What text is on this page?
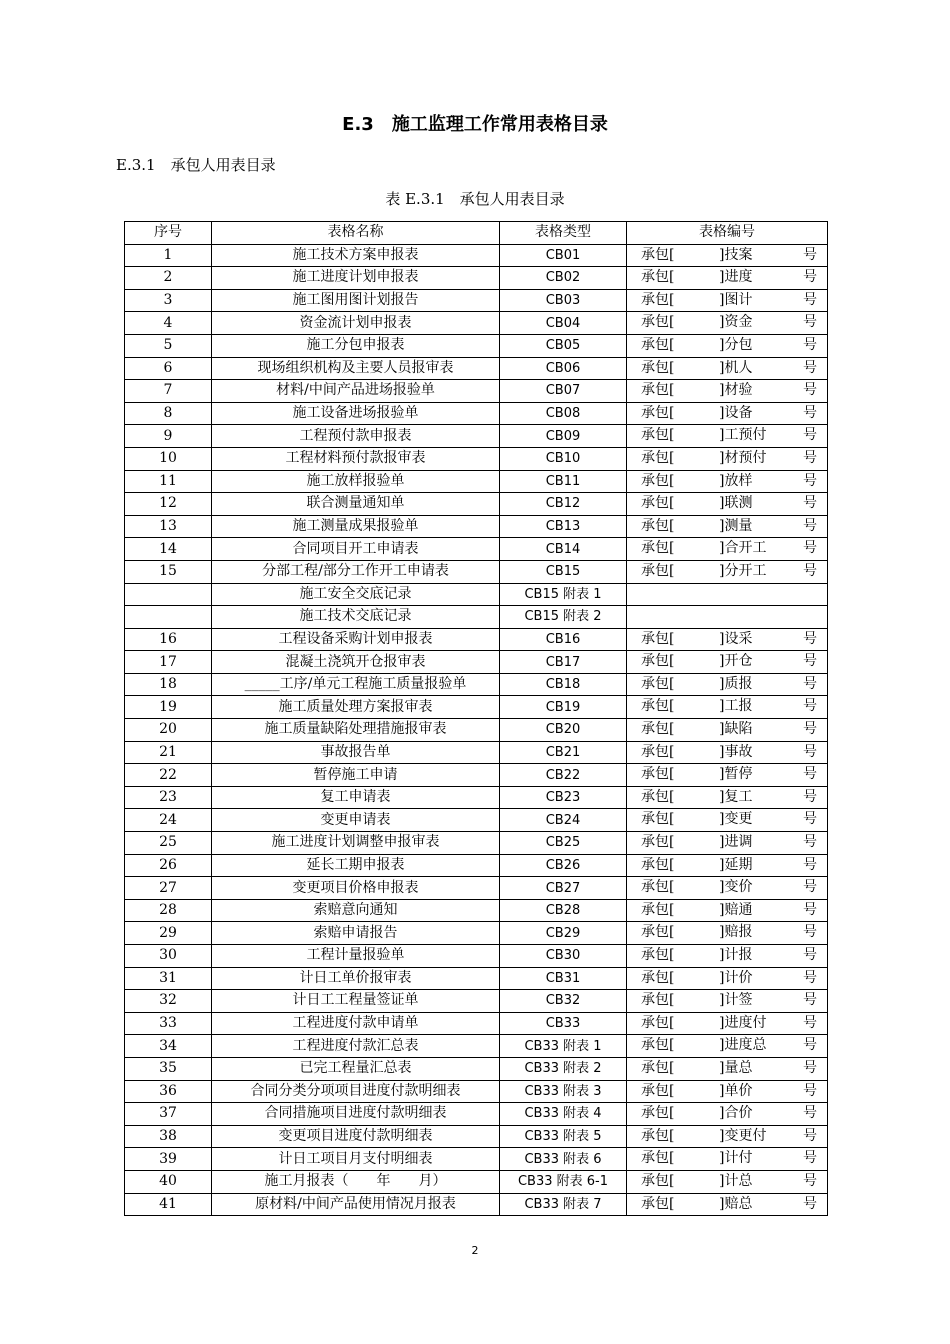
E.3　施工监理工作常用表格目录
E.3.1　承包人用表目录
表 E.3.1　承包人用表目录
序号	表格名称	表格类型	表格编号
1	施工技术方案申报表	CB01	承包[ ]技案 号

2	施工进度计划申报表	CB02	承包[ ]进度 号

3	施工图用图计划报告	CB03	承包[ ]图计 号

4	资金流计划申报表	CB04	承包[ ]资金 号

5	施工分包申报表	CB05	承包[ ]分包 号

6	现场组织机构及主要人员报审表	CB06	承包[ ]机人 号

7	材料/中间产品进场报验单	CB07	承包[ ]材验 号

8	施工设备进场报验单	CB08	承包[ ]设备 号

9	工程预付款申报表	CB09	承包[ ]工预付 号

10	工程材料预付款报审表	CB10	承包[ ]材预付 号

11	施工放样报验单	CB11	承包[ ]放样 号

12	联合测量通知单	CB12	承包[ ]联测 号

13	施工测量成果报验单	CB13	承包[ ]测量 号

14	合同项目开工申请表	CB14	承包[ ]合开工 号

15	分部工程/部分工作开工申请表	CB15	承包[ ]分开工 号

	施工安全交底记录	CB15 附表 1	

	施工技术交底记录	CB15 附表 2	

16	工程设备采购计划申报表	CB16	承包[ ]设采 号

17	混凝土浇筑开仓报审表	CB17	承包[ ]开仓 号

18	_____工序/单元工程施工质量报验单	CB18	承包[ ]质报 号

19	施工质量处理方案报审表	CB19	承包[ ]工报 号

20	施工质量缺陷处理措施报审表	CB20	承包[ ]缺陷 号

21	事故报告单	CB21	承包[ ]事故 号

22	暂停施工申请	CB22	承包[ ]暂停 号

23	复工申请表	CB23	承包[ ]复工 号

24	变更申请表	CB24	承包[ ]变更 号

25	施工进度计划调整申报审表	CB25	承包[ ]进调 号

26	延长工期申报表	CB26	承包[ ]延期 号

27	变更项目价格申报表	CB27	承包[ ]变价 号

28	索赔意向通知	CB28	承包[ ]赔通 号

29	索赔申请报告	CB29	承包[ ]赔报 号

30	工程计量报验单	CB30	承包[ ]计报 号

31	计日工单价报审表	CB31	承包[ ]计价 号

32	计日工工程量签证单	CB32	承包[ ]计签 号

33	工程进度付款申请单	CB33	承包[ ]进度付 号

34	工程进度付款汇总表	CB33 附表 1	承包[ ]进度总 号

35	已完工程量汇总表	CB33 附表 2	承包[ ]量总 号

36	合同分类分项项目进度付款明细表	CB33 附表 3	承包[ ]单价 号

37	合同措施项目进度付款明细表	CB33 附表 4	承包[ ]合价 号

38	变更项目进度付款明细表	CB33 附表 5	承包[ ]变更付 号

39	计日工项目月支付明细表	CB33 附表 6	承包[ ]计付 号

40	施工月报表（　　年　　月）	CB33 附表 6-1	承包[ ]计总 号

41	原材料/中间产品使用情况月报表	CB33 附表 7	承包[ ]赔总 号
2
